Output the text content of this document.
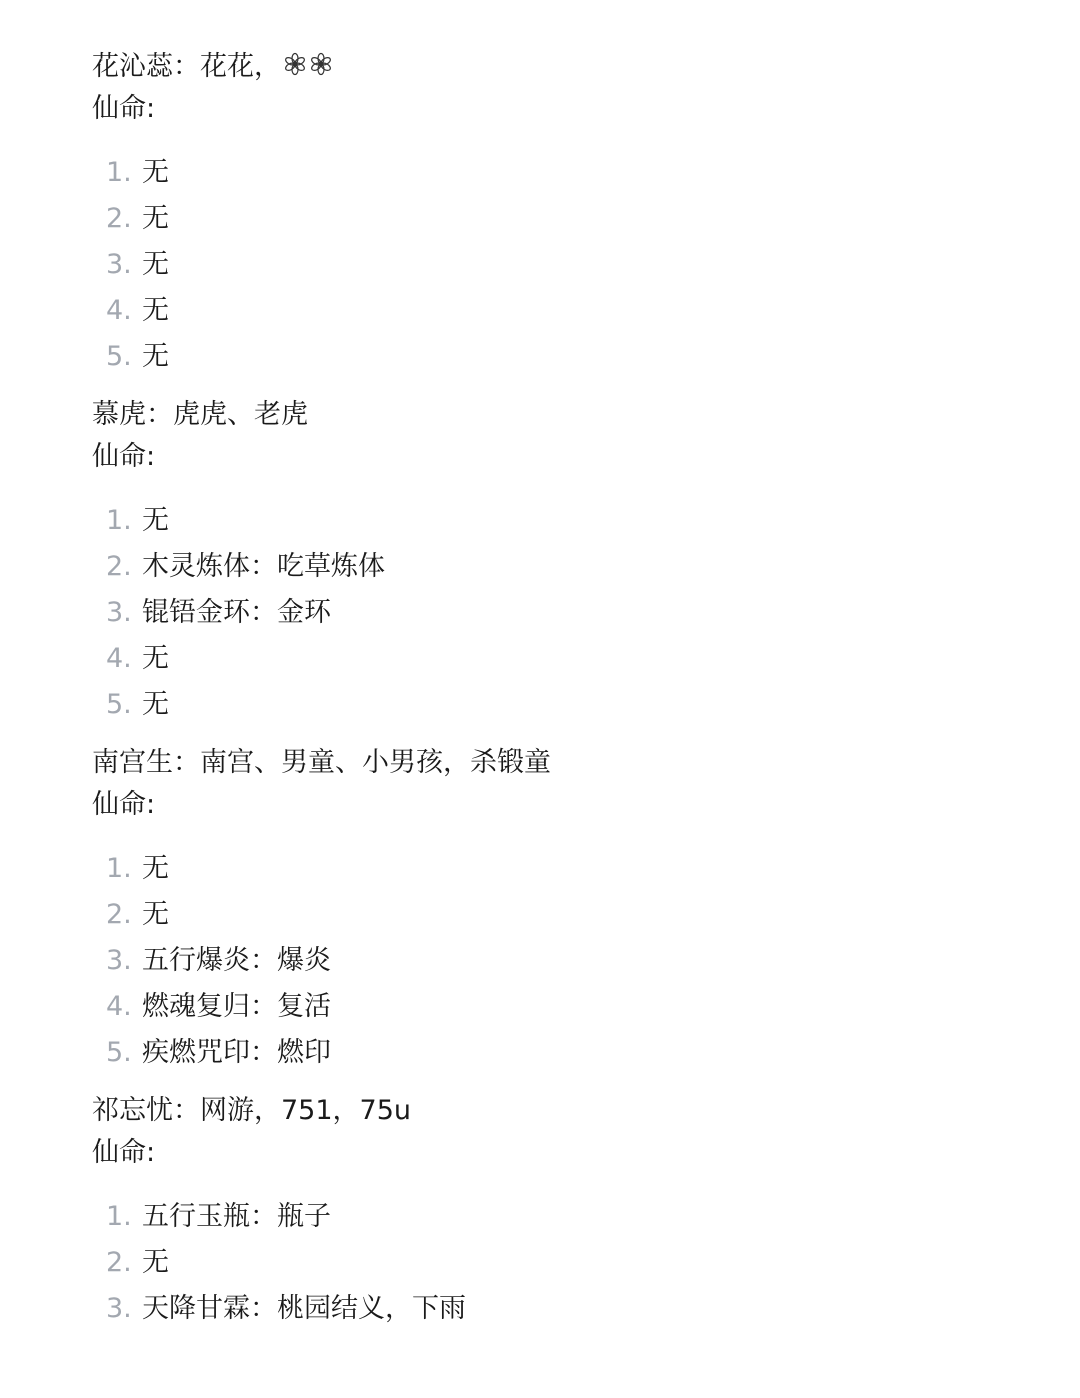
花沁蕊：花花，
仙命:
1. 无
2. 无
3. 无
4. 无
5. 无
慕虎：虎虎、老虎
仙命:
1. 无
2. 木灵炼体：吃草炼体
3. 锟铻金环：金环
4. 无
5. 无
南宫生：南宫、男童、小男孩，杀锻童
仙命:
1. 无
2. 无
3. 五行爆炎：爆炎
4. 燃魂复归：复活
5. 疾燃咒印：燃印
祁忘忧：网游，751，75u
仙命:
1. 五行玉瓶：瓶子
2. 无
3. 天降甘霖：桃园结义，下雨
